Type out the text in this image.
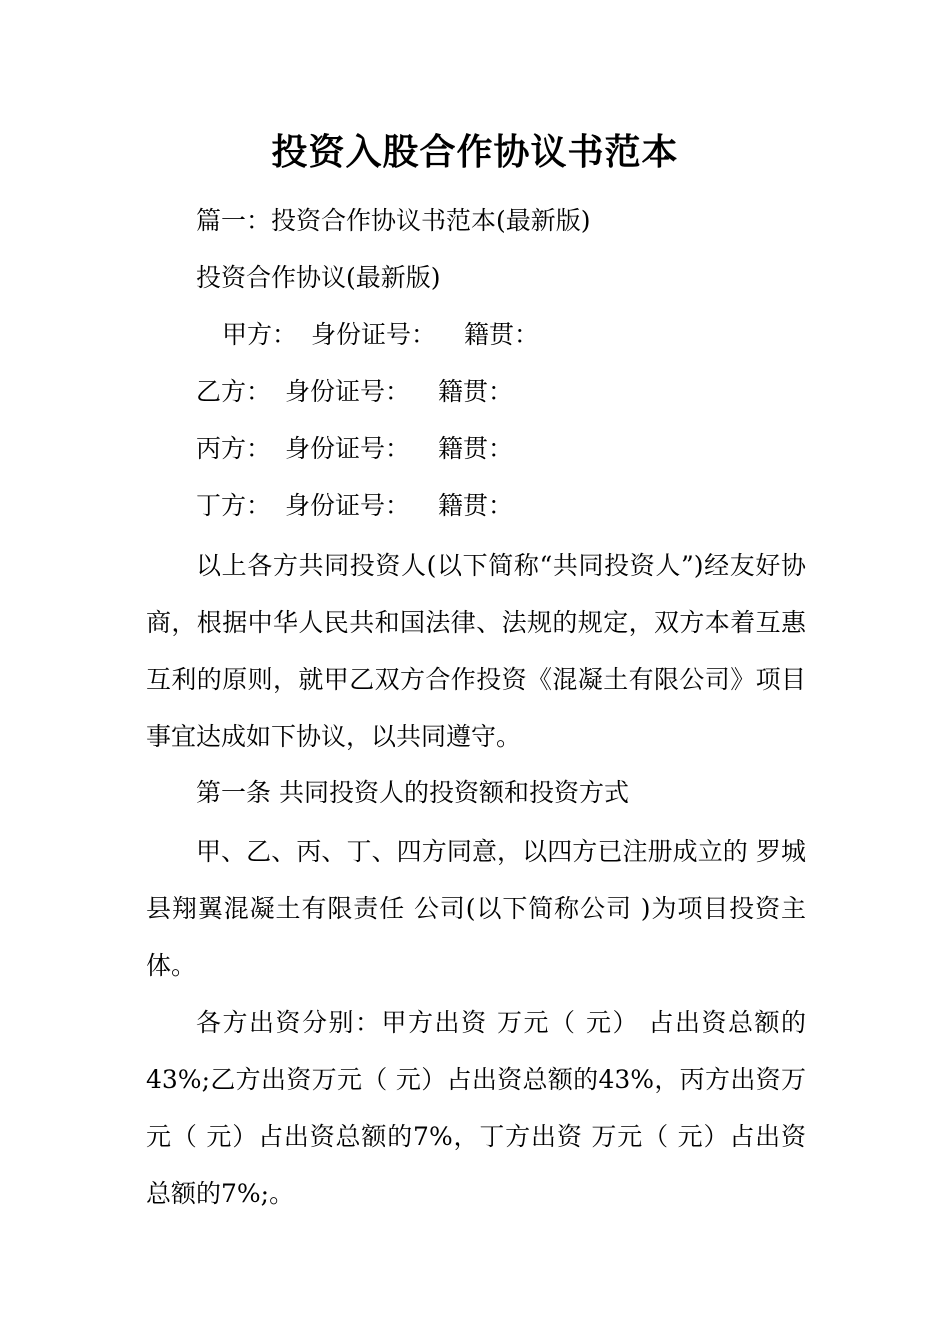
投资入股合作协议书范本
篇一：投资合作协议书范本(最新版)
投资合作协议(最新版)
甲方： 身份证号： 籍贯：
乙方： 身份证号： 籍贯：
丙方： 身份证号： 籍贯：
丁方： 身份证号： 籍贯：
以上各方共同投资人(以下简称“共同投资人”)经友好协商，根据中华人民共和国法律、法规的规定，双方本着互惠互利的原则，就甲乙双方合作投资《混凝土有限公司》项目事宜达成如下协议，以共同遵守。
第一条 共同投资人的投资额和投资方式
甲、乙、丙、丁、四方同意，以四方已注册成立的 罗城县翔翼混凝土有限责任 公司(以下简称公司 )为项目投资主体。
各方出资分别：甲方出资 万元（ 元） 占出资总额的43%;乙方出资万元（ 元）占出资总额的43%，丙方出资万元（ 元）占出资总额的7%，丁方出资 万元（ 元）占出资总额的7%;。
